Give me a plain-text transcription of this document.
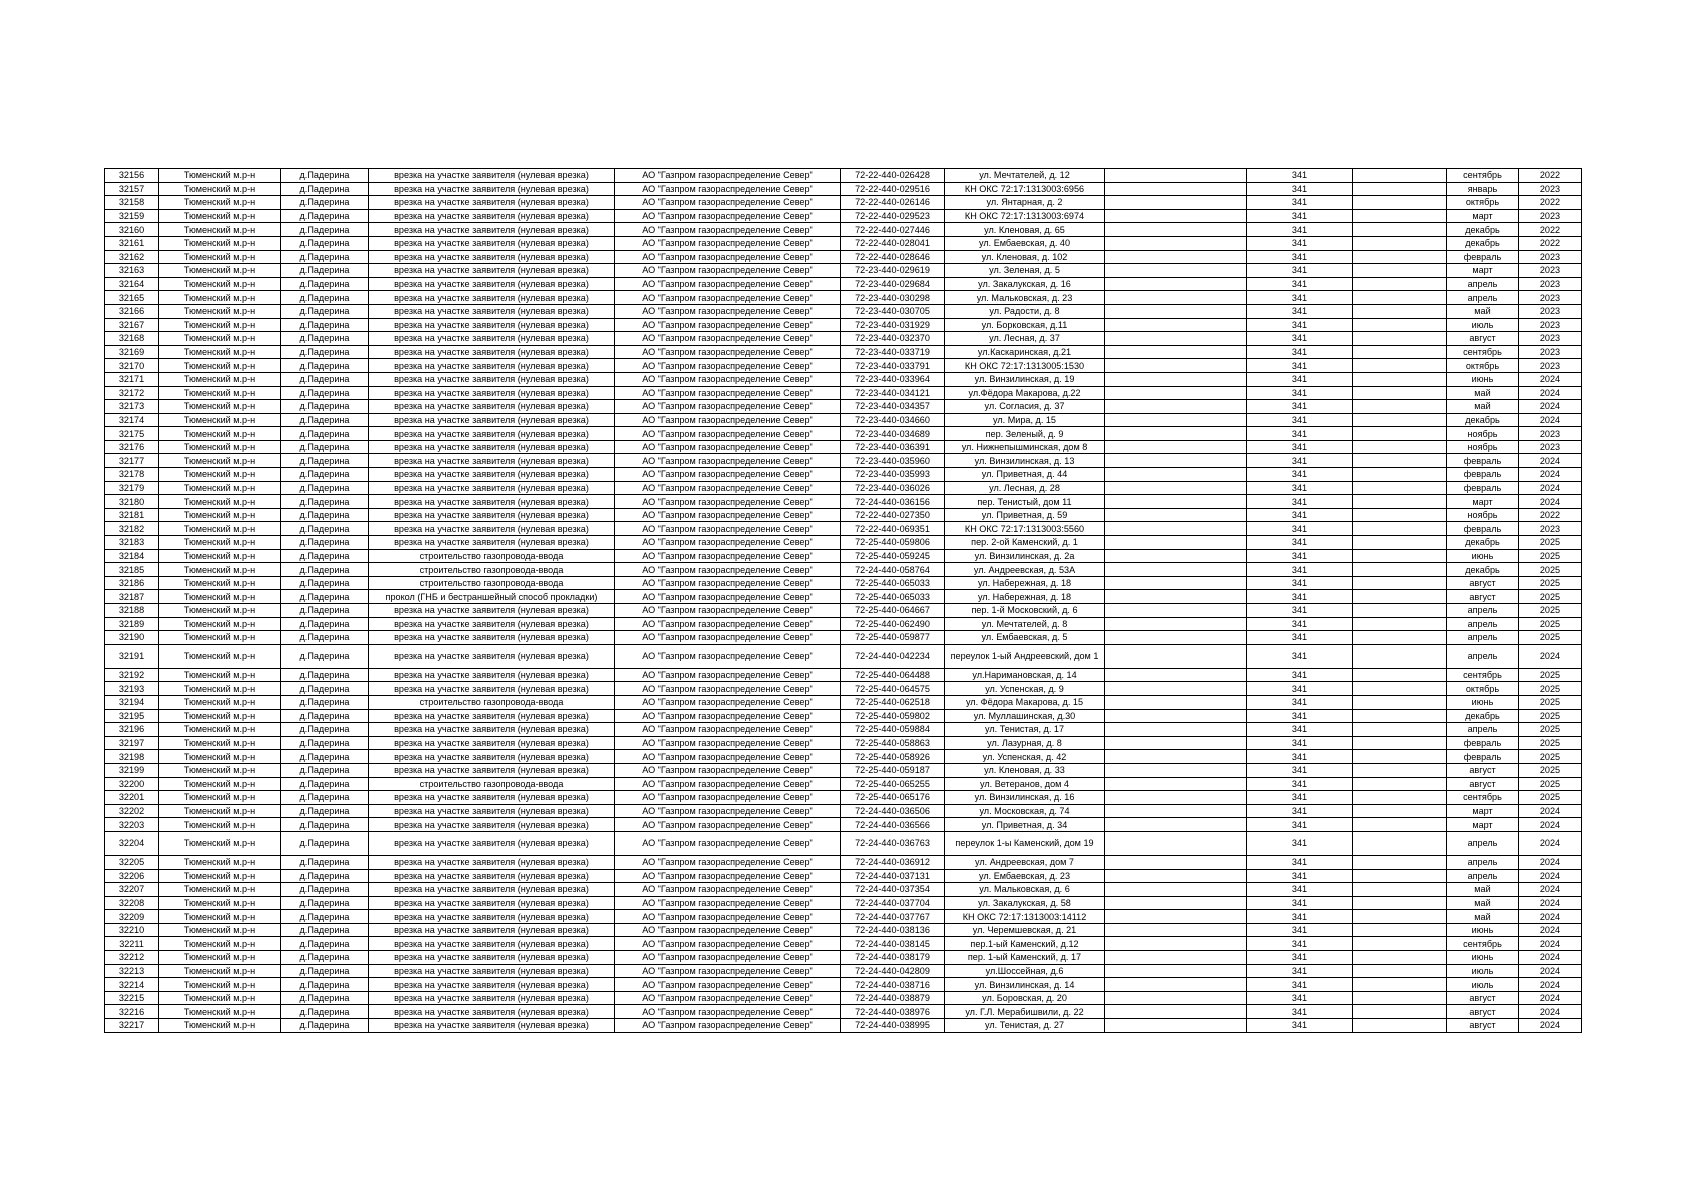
32156	Тюменский м.р-н	д.Падерина	врезка на участке заявителя (нулевая врезка)	АО "Газпром газораспределение Север"	72-22-440-026428	ул. Мечтателей, д. 12		341		сентябрь	2022
32157	Тюменский м.р-н	д.Падерина	врезка на участке заявителя (нулевая врезка)	АО "Газпром газораспределение Север"	72-22-440-029516	КН ОКС 72:17:1313003:6956		341		январь	2023
32158	Тюменский м.р-н	д.Падерина	врезка на участке заявителя (нулевая врезка)	АО "Газпром газораспределение Север"	72-22-440-026146	ул. Янтарная, д. 2		341		октябрь	2022
32159	Тюменский м.р-н	д.Падерина	врезка на участке заявителя (нулевая врезка)	АО "Газпром газораспределение Север"	72-22-440-029523	КН ОКС 72:17:1313003:6974		341		март	2023
32160	Тюменский м.р-н	д.Падерина	врезка на участке заявителя (нулевая врезка)	АО "Газпром газораспределение Север"	72-22-440-027446	ул. Кленовая, д. 65		341		декабрь	2022
32161	Тюменский м.р-н	д.Падерина	врезка на участке заявителя (нулевая врезка)	АО "Газпром газораспределение Север"	72-22-440-028041	ул. Ембаевская, д. 40		341		декабрь	2022
32162	Тюменский м.р-н	д.Падерина	врезка на участке заявителя (нулевая врезка)	АО "Газпром газораспределение Север"	72-22-440-028646	ул. Кленовая, д. 102		341		февраль	2023
32163	Тюменский м.р-н	д.Падерина	врезка на участке заявителя (нулевая врезка)	АО "Газпром газораспределение Север"	72-23-440-029619	ул. Зеленая, д. 5		341		март	2023
32164	Тюменский м.р-н	д.Падерина	врезка на участке заявителя (нулевая врезка)	АО "Газпром газораспределение Север"	72-23-440-029684	ул. Закалукская, д. 16		341		апрель	2023
32165	Тюменский м.р-н	д.Падерина	врезка на участке заявителя (нулевая врезка)	АО "Газпром газораспределение Север"	72-23-440-030298	ул. Мальковская, д. 23		341		апрель	2023
32166	Тюменский м.р-н	д.Падерина	врезка на участке заявителя (нулевая врезка)	АО "Газпром газораспределение Север"	72-23-440-030705	ул. Радости, д. 8		341		май	2023
32167	Тюменский м.р-н	д.Падерина	врезка на участке заявителя (нулевая врезка)	АО "Газпром газораспределение Север"	72-23-440-031929	ул. Борковская, д.11		341		июль	2023
32168	Тюменский м.р-н	д.Падерина	врезка на участке заявителя (нулевая врезка)	АО "Газпром газораспределение Север"	72-23-440-032370	ул. Лесная, д. 37		341		август	2023
32169	Тюменский м.р-н	д.Падерина	врезка на участке заявителя (нулевая врезка)	АО "Газпром газораспределение Север"	72-23-440-033719	ул.Каскаринская, д.21		341		сентябрь	2023
32170	Тюменский м.р-н	д.Падерина	врезка на участке заявителя (нулевая врезка)	АО "Газпром газораспределение Север"	72-23-440-033791	КН ОКС 72:17:1313005:1530		341		октябрь	2023
32171	Тюменский м.р-н	д.Падерина	врезка на участке заявителя (нулевая врезка)	АО "Газпром газораспределение Север"	72-23-440-033964	ул. Винзилинская, д. 19		341		июнь	2024
32172	Тюменский м.р-н	д.Падерина	врезка на участке заявителя (нулевая врезка)	АО "Газпром газораспределение Север"	72-23-440-034121	ул.Фёдора Макарова, д.22		341		май	2024
32173	Тюменский м.р-н	д.Падерина	врезка на участке заявителя (нулевая врезка)	АО "Газпром газораспределение Север"	72-23-440-034357	ул. Согласия, д. 37		341		май	2024
32174	Тюменский м.р-н	д.Падерина	врезка на участке заявителя (нулевая врезка)	АО "Газпром газораспределение Север"	72-23-440-034660	ул. Мира, д. 15		341		декабрь	2024
32175	Тюменский м.р-н	д.Падерина	врезка на участке заявителя (нулевая врезка)	АО "Газпром газораспределение Север"	72-23-440-034689	пер. Зеленый, д. 9		341		ноябрь	2023
32176	Тюменский м.р-н	д.Падерина	врезка на участке заявителя (нулевая врезка)	АО "Газпром газораспределение Север"	72-23-440-036391	ул. Нижнепышминская, дом 8		341		ноябрь	2023
32177	Тюменский м.р-н	д.Падерина	врезка на участке заявителя (нулевая врезка)	АО "Газпром газораспределение Север"	72-23-440-035960	ул. Винзилинская, д. 13		341		февраль	2024
32178	Тюменский м.р-н	д.Падерина	врезка на участке заявителя (нулевая врезка)	АО "Газпром газораспределение Север"	72-23-440-035993	ул. Приветная, д. 44		341		февраль	2024
32179	Тюменский м.р-н	д.Падерина	врезка на участке заявителя (нулевая врезка)	АО "Газпром газораспределение Север"	72-23-440-036026	ул. Лесная, д. 28		341		февраль	2024
32180	Тюменский м.р-н	д.Падерина	врезка на участке заявителя (нулевая врезка)	АО "Газпром газораспределение Север"	72-24-440-036156	пер. Тенистый, дом 11		341		март	2024
32181	Тюменский м.р-н	д.Падерина	врезка на участке заявителя (нулевая врезка)	АО "Газпром газораспределение Север"	72-22-440-027350	ул. Приветная, д. 59		341		ноябрь	2022
32182	Тюменский м.р-н	д.Падерина	врезка на участке заявителя (нулевая врезка)	АО "Газпром газораспределение Север"	72-22-440-069351	КН ОКС 72:17:1313003:5560		341		февраль	2023
32183	Тюменский м.р-н	д.Падерина	врезка на участке заявителя (нулевая врезка)	АО "Газпром газораспределение Север"	72-25-440-059806	пер. 2-ой Каменский, д. 1		341		декабрь	2025
32184	Тюменский м.р-н	д.Падерина	строительство газопровода-ввода	АО "Газпром газораспределение Север"	72-25-440-059245	ул. Винзилинская, д. 2а		341		июнь	2025
32185	Тюменский м.р-н	д.Падерина	строительство газопровода-ввода	АО "Газпром газораспределение Север"	72-24-440-058764	ул. Андреевская, д. 53А		341		декабрь	2025
32186	Тюменский м.р-н	д.Падерина	строительство газопровода-ввода	АО "Газпром газораспределение Север"	72-25-440-065033	ул. Набережная, д. 18		341		август	2025
32187	Тюменский м.р-н	д.Падерина	прокол (ГНБ и бестраншейный способ прокладки)	АО "Газпром газораспределение Север"	72-25-440-065033	ул. Набережная, д. 18		341		август	2025
32188	Тюменский м.р-н	д.Падерина	врезка на участке заявителя (нулевая врезка)	АО "Газпром газораспределение Север"	72-25-440-064667	пер. 1-й Московский, д. 6		341		апрель	2025
32189	Тюменский м.р-н	д.Падерина	врезка на участке заявителя (нулевая врезка)	АО "Газпром газораспределение Север"	72-25-440-062490	ул. Мечтателей, д. 8		341		апрель	2025
32190	Тюменский м.р-н	д.Падерина	врезка на участке заявителя (нулевая врезка)	АО "Газпром газораспределение Север"	72-25-440-059877	ул. Ембаевская, д. 5		341		апрель	2025
32191	Тюменский м.р-н	д.Падерина	врезка на участке заявителя (нулевая врезка)	АО "Газпром газораспределение Север"	72-24-440-042234	переулок 1-ый Андреевский, дом 1		341		апрель	2024
32192	Тюменский м.р-н	д.Падерина	врезка на участке заявителя (нулевая врезка)	АО "Газпром газораспределение Север"	72-25-440-064488	ул.Наримановская, д. 14		341		сентябрь	2025
32193	Тюменский м.р-н	д.Падерина	врезка на участке заявителя (нулевая врезка)	АО "Газпром газораспределение Север"	72-25-440-064575	ул. Успенская, д. 9		341		октябрь	2025
32194	Тюменский м.р-н	д.Падерина	строительство газопровода-ввода	АО "Газпром газораспределение Север"	72-25-440-062518	ул. Фёдора Макарова, д. 15		341		июнь	2025
32195	Тюменский м.р-н	д.Падерина	врезка на участке заявителя (нулевая врезка)	АО "Газпром газораспределение Север"	72-25-440-059802	ул. Муллашинская, д.30		341		декабрь	2025
32196	Тюменский м.р-н	д.Падерина	врезка на участке заявителя (нулевая врезка)	АО "Газпром газораспределение Север"	72-25-440-059884	ул. Тенистая, д. 17		341		апрель	2025
32197	Тюменский м.р-н	д.Падерина	врезка на участке заявителя (нулевая врезка)	АО "Газпром газораспределение Север"	72-25-440-058863	ул. Лазурная, д. 8		341		февраль	2025
32198	Тюменский м.р-н	д.Падерина	врезка на участке заявителя (нулевая врезка)	АО "Газпром газораспределение Север"	72-25-440-058926	ул. Успенская, д. 42		341		февраль	2025
32199	Тюменский м.р-н	д.Падерина	врезка на участке заявителя (нулевая врезка)	АО "Газпром газораспределение Север"	72-25-440-059187	ул. Кленовая, д. 33		341		август	2025
32200	Тюменский м.р-н	д.Падерина	строительство газопровода-ввода	АО "Газпром газораспределение Север"	72-25-440-065255	ул. Ветеранов, дом 4		341		август	2025
32201	Тюменский м.р-н	д.Падерина	врезка на участке заявителя (нулевая врезка)	АО "Газпром газораспределение Север"	72-25-440-065176	ул. Винзилинская, д. 16		341		сентябрь	2025
32202	Тюменский м.р-н	д.Падерина	врезка на участке заявителя (нулевая врезка)	АО "Газпром газораспределение Север"	72-24-440-036506	ул. Московская, д. 74		341		март	2024
32203	Тюменский м.р-н	д.Падерина	врезка на участке заявителя (нулевая врезка)	АО "Газпром газораспределение Север"	72-24-440-036566	ул. Приветная, д. 34		341		март	2024
32204	Тюменский м.р-н	д.Падерина	врезка на участке заявителя (нулевая врезка)	АО "Газпром газораспределение Север"	72-24-440-036763	переулок 1-ы Каменский, дом 19		341		апрель	2024
32205	Тюменский м.р-н	д.Падерина	врезка на участке заявителя (нулевая врезка)	АО "Газпром газораспределение Север"	72-24-440-036912	ул. Андреевская, дом 7		341		апрель	2024
32206	Тюменский м.р-н	д.Падерина	врезка на участке заявителя (нулевая врезка)	АО "Газпром газораспределение Север"	72-24-440-037131	ул. Ембаевская, д. 23		341		апрель	2024
32207	Тюменский м.р-н	д.Падерина	врезка на участке заявителя (нулевая врезка)	АО "Газпром газораспределение Север"	72-24-440-037354	ул. Мальковская, д. 6		341		май	2024
32208	Тюменский м.р-н	д.Падерина	врезка на участке заявителя (нулевая врезка)	АО "Газпром газораспределение Север"	72-24-440-037704	ул. Закалукская, д. 58		341		май	2024
32209	Тюменский м.р-н	д.Падерина	врезка на участке заявителя (нулевая врезка)	АО "Газпром газораспределение Север"	72-24-440-037767	КН ОКС 72:17:1313003:14112		341		май	2024
32210	Тюменский м.р-н	д.Падерина	врезка на участке заявителя (нулевая врезка)	АО "Газпром газораспределение Север"	72-24-440-038136	ул. Черемшевская, д. 21		341		июнь	2024
32211	Тюменский м.р-н	д.Падерина	врезка на участке заявителя (нулевая врезка)	АО "Газпром газораспределение Север"	72-24-440-038145	пер.1-ый Каменский, д.12		341		сентябрь	2024
32212	Тюменский м.р-н	д.Падерина	врезка на участке заявителя (нулевая врезка)	АО "Газпром газораспределение Север"	72-24-440-038179	пер. 1-ый Каменский, д. 17		341		июнь	2024
32213	Тюменский м.р-н	д.Падерина	врезка на участке заявителя (нулевая врезка)	АО "Газпром газораспределение Север"	72-24-440-042809	ул.Шоссейная, д.6		341		июль	2024
32214	Тюменский м.р-н	д.Падерина	врезка на участке заявителя (нулевая врезка)	АО "Газпром газораспределение Север"	72-24-440-038716	ул. Винзилинская, д. 14		341		июль	2024
32215	Тюменский м.р-н	д.Падерина	врезка на участке заявителя (нулевая врезка)	АО "Газпром газораспределение Север"	72-24-440-038879	ул. Боровская, д. 20		341		август	2024
32216	Тюменский м.р-н	д.Падерина	врезка на участке заявителя (нулевая врезка)	АО "Газпром газораспределение Север"	72-24-440-038976	ул. Г.Л. Мерабишвили, д. 22		341		август	2024
32217	Тюменский м.р-н	д.Падерина	врезка на участке заявителя (нулевая врезка)	АО "Газпром газораспределение Север"	72-24-440-038995	ул. Тенистая, д. 27		341		август	2024
